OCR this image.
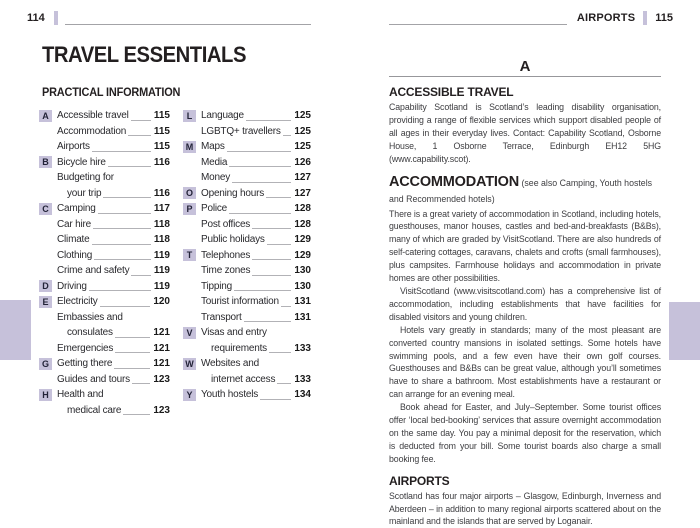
114	AIRPORTS 115
TRAVEL ESSENTIALS
PRACTICAL INFORMATION
A Accessible travel	115
Accommodation	115
Airports	115
B Bicycle hire	116
Budgeting for
your trip	116
C Camping	117
Car hire	118
Climate	118
Clothing	119
Crime and safety 119
D Driving	119
E Electricity	120
Embassies and
consulates	121
Emergencies	121
G Getting there	121
Guides and tours 123
H Health and
medical care	123
L Language	125
LGBTQ+ travellers 125
M Maps	125
Media	126
Money	127
O Opening hours	127
P Police	128
Post offices	128
Public holidays	129
T Telephones	129
Time zones	130
Tipping	130
Tourist information 131
Transport	131
V Visas and entry
requirements	133
W Websites and
internet access 133
Y Youth hostels	134
A
ACCESSIBLE TRAVEL

Capability Scotland is Scotland’s leading disability organisation, providing a range of flexible services which support disabled people of all ages in their everyday lives. Contact: Capability Scotland, Osborne House, 1 Osborne Terrace, Edinburgh EH12 5HG (www.capability.scot).

ACCOMMODATION (see also Camping, Youth hostels and Recommended hotels)

There is a great variety of accommodation in Scotland, including hotels, guesthouses, manor houses, castles and bed-and-breakfasts (B&Bs), many of which are graded by VisitScotland. There are also hundreds of self-catering cottages, caravans, chalets and crofts (small farmhouses), plus campsites. Farmhouse holidays and accommodation in private homes are other possibilities.

VisitScotland (www.visitscotland.com) has a comprehensive list of accommodation, including establishments that have facilities for disabled visitors and young children.

Hotels vary greatly in standards; many of the most pleasant are converted country mansions in isolated settings. Some hotels have swimming pools, and a few even have their own golf courses. Guesthouses and B&Bs can be great value, although you’ll sometimes have to share a bathroom. Most establishments have a restaurant or can arrange for an evening meal.

Book ahead for Easter, and July–September. Some tourist offices offer ‘local bed-booking’ services that assure overnight accommodation on the same day. You pay a minimal deposit for the reservation, which is deducted from your bill. Some tourist boards also charge a small booking fee.

AIRPORTS

Scotland has four major airports – Glasgow, Edinburgh, Inverness and Aberdeen – in addition to many regional airports scattered about on the mainland and the islands that are served by Loganair.
